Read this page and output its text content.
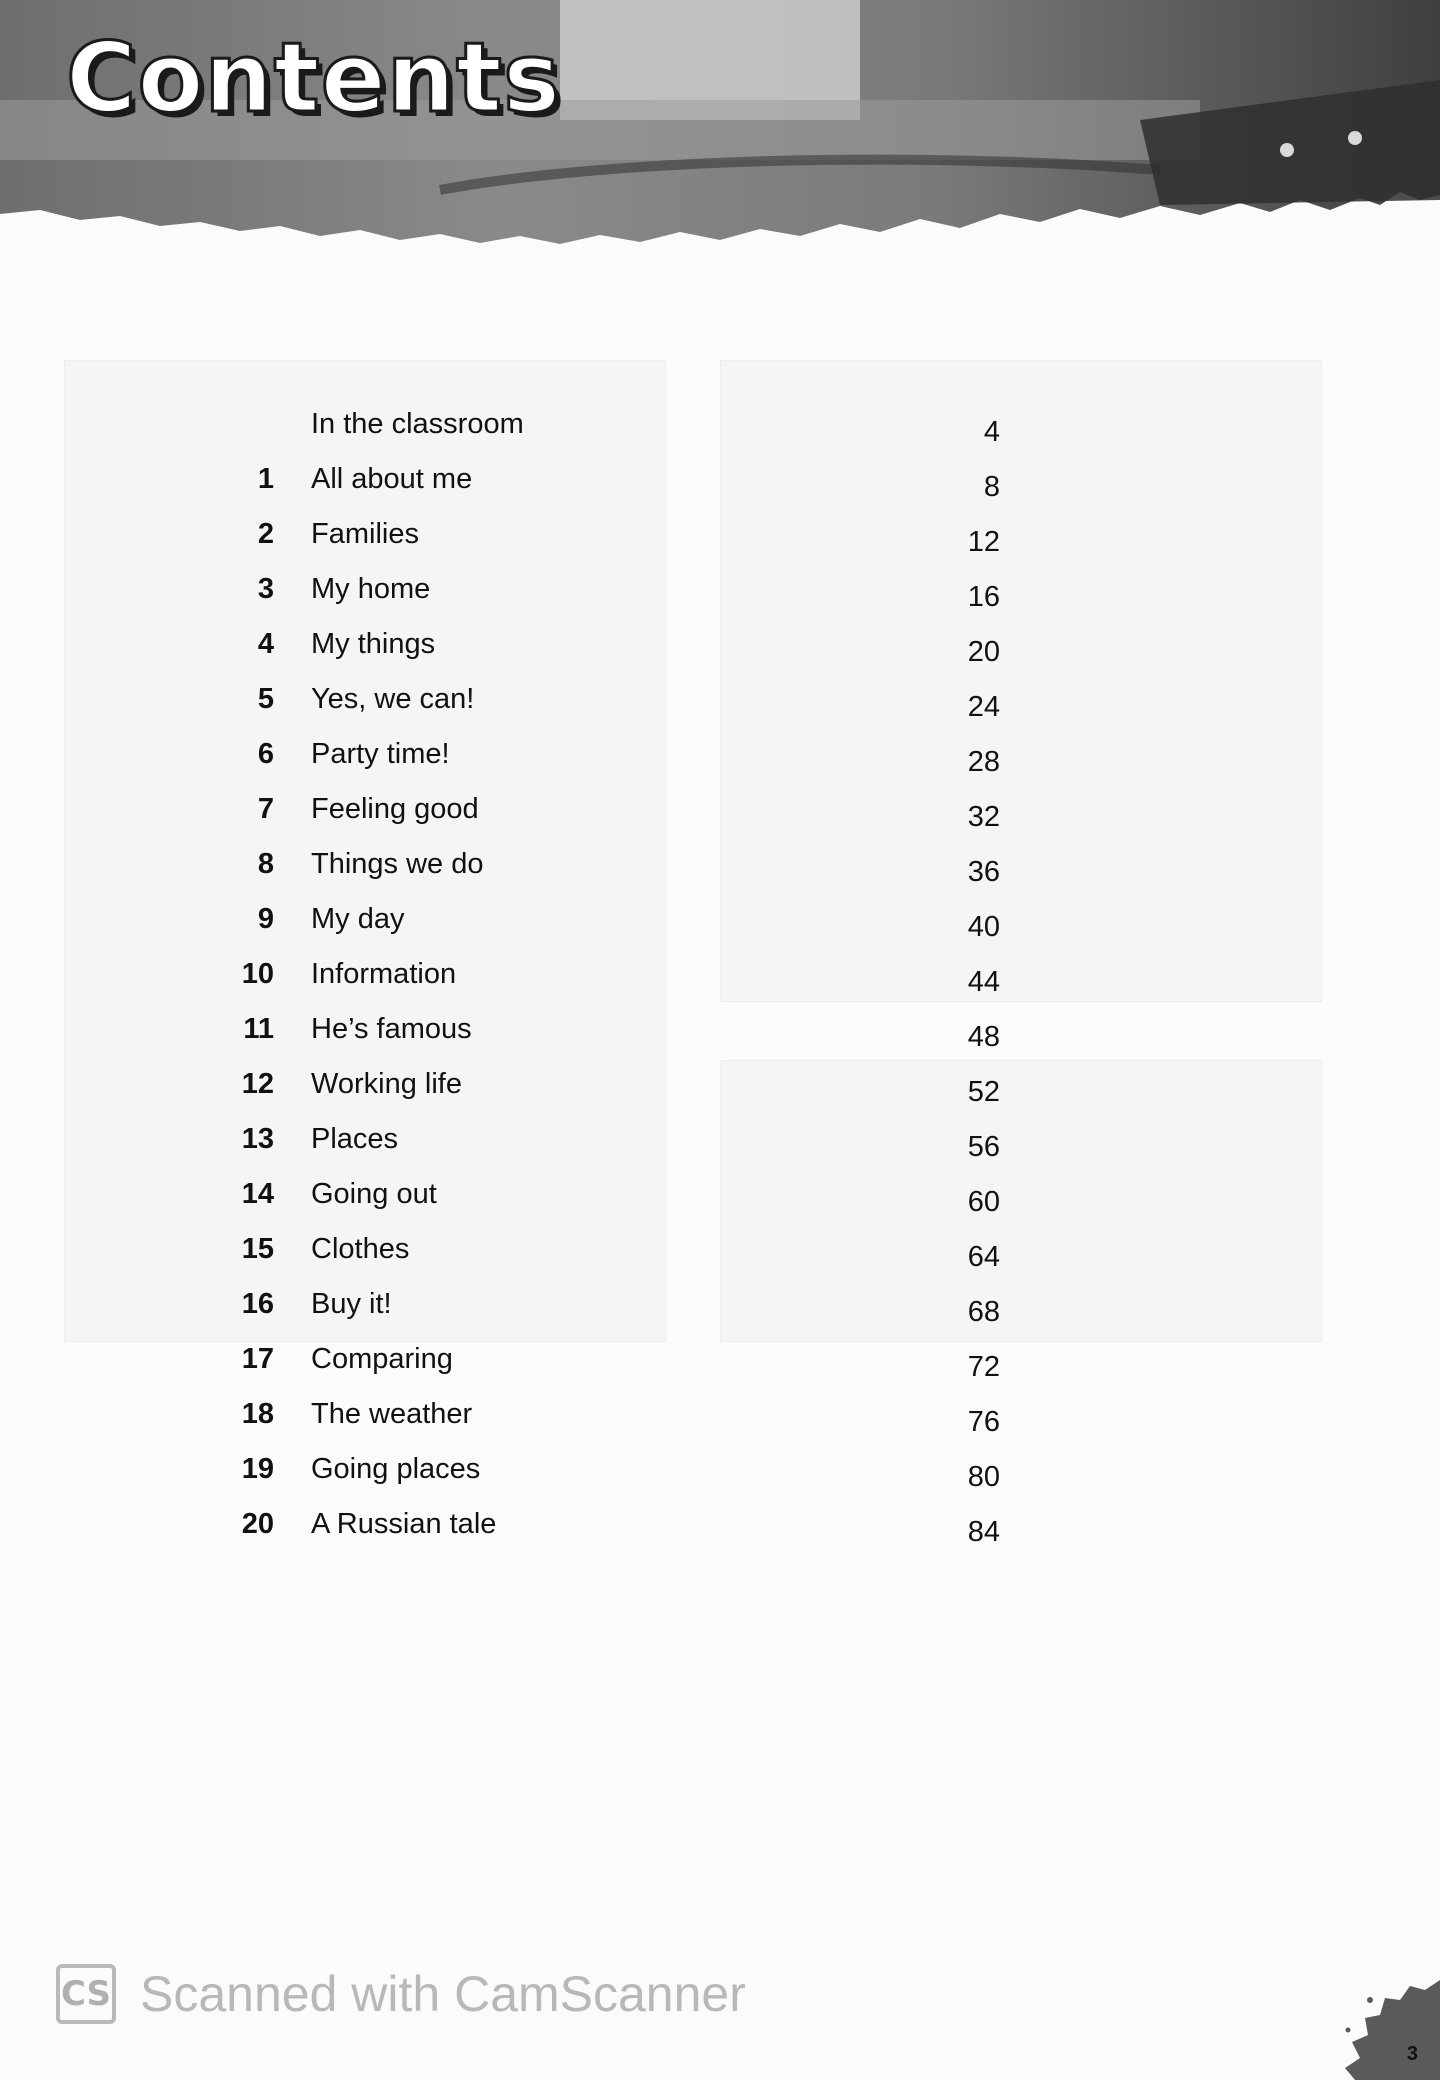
Contents
In the classroom	4
1 All about me	8
2 Families	12
3 My home	16
4 My things	20
5 Yes, we can!	24
6 Party time!	28
7 Feeling good	32
8 Things we do	36
9 My day	40
10 Information	44
11 He’s famous	48
12 Working life	52
13 Places	56
14 Going out	60
15 Clothes	64
16 Buy it!	68
17 Comparing	72
18 The weather	76
19 Going places	80
20 A Russian tale	84
CS Scanned with CamScanner
3
